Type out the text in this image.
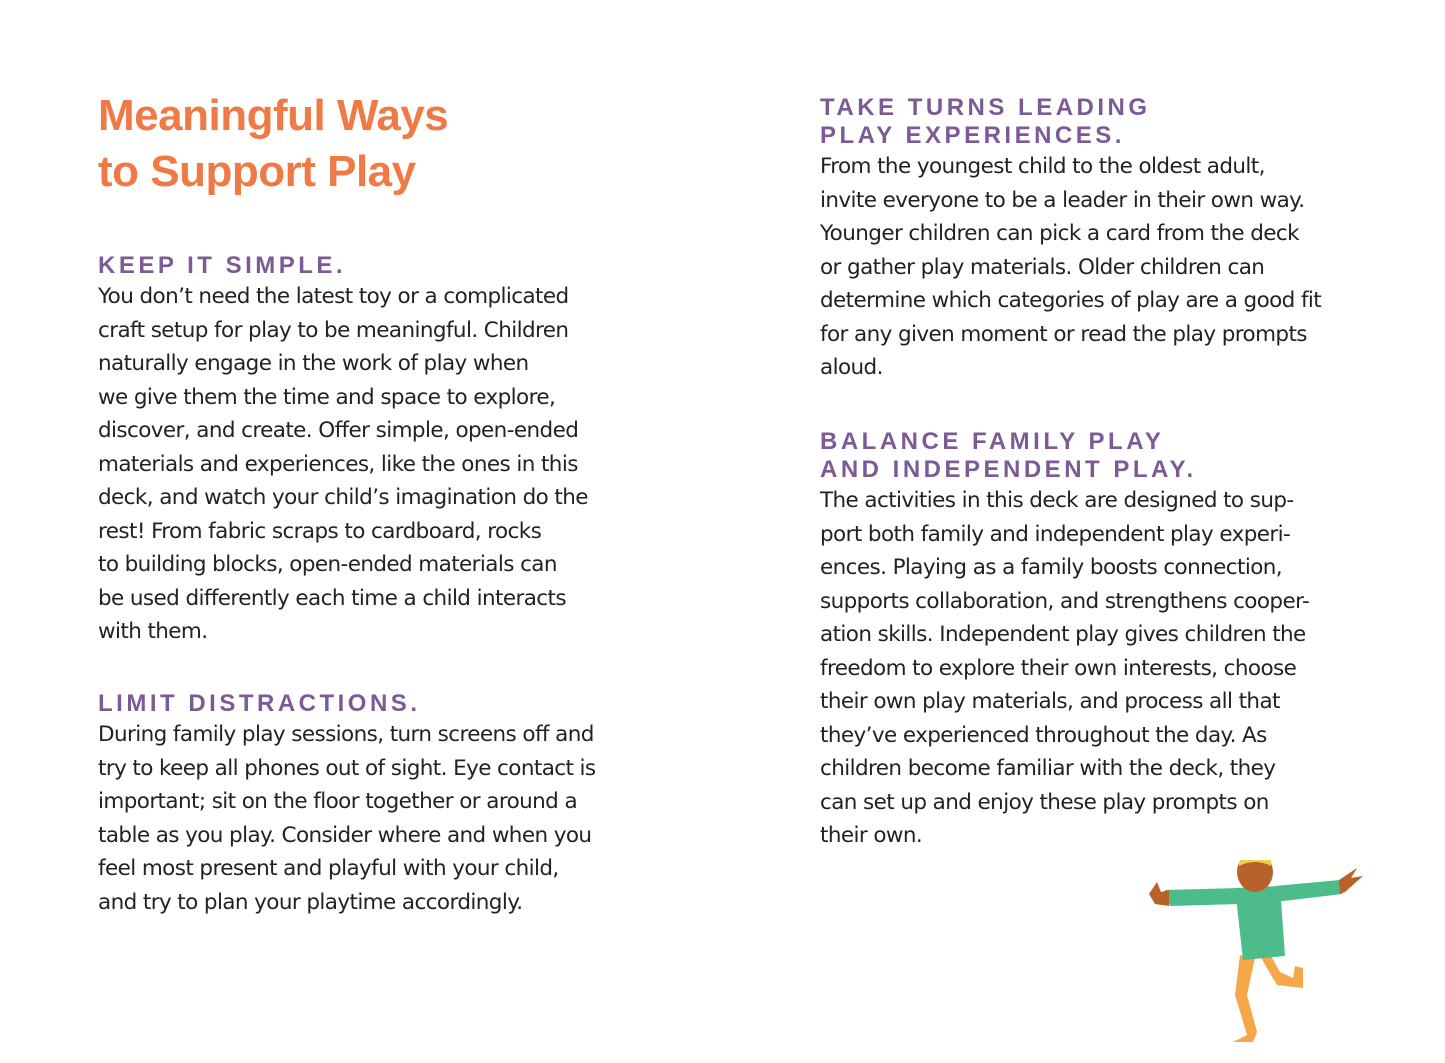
Meaningful Ways
to Support Play
KEEP IT SIMPLE.
You don’t need the latest toy or a complicated
craft setup for play to be meaningful. Children
naturally engage in the work of play when
we give them the time and space to explore,
discover, and create. Offer simple, open-ended
materials and experiences, like the ones in this
deck, and watch your child’s imagination do the
rest! From fabric scraps to cardboard, rocks
to building blocks, open-ended materials can
be used differently each time a child interacts
with them.
LIMIT DISTRACTIONS.
During family play sessions, turn screens off and
try to keep all phones out of sight. Eye contact is
important; sit on the floor together or around a
table as you play. Consider where and when you
feel most present and playful with your child,
and try to plan your playtime accordingly.
TAKE TURNS LEADING
PLAY EXPERIENCES.
From the youngest child to the oldest adult,
invite everyone to be a leader in their own way.
Younger children can pick a card from the deck
or gather play materials. Older children can
determine which categories of play are a good fit
for any given moment or read the play prompts
aloud.
BALANCE FAMILY PLAY
AND INDEPENDENT PLAY.
The activities in this deck are designed to sup-
port both family and independent play experi-
ences. Playing as a family boosts connection,
supports collaboration, and strengthens cooper-
ation skills. Independent play gives children the
freedom to explore their own interests, choose
their own play materials, and process all that
they’ve experienced throughout the day. As
children become familiar with the deck, they
can set up and enjoy these play prompts on
their own.
